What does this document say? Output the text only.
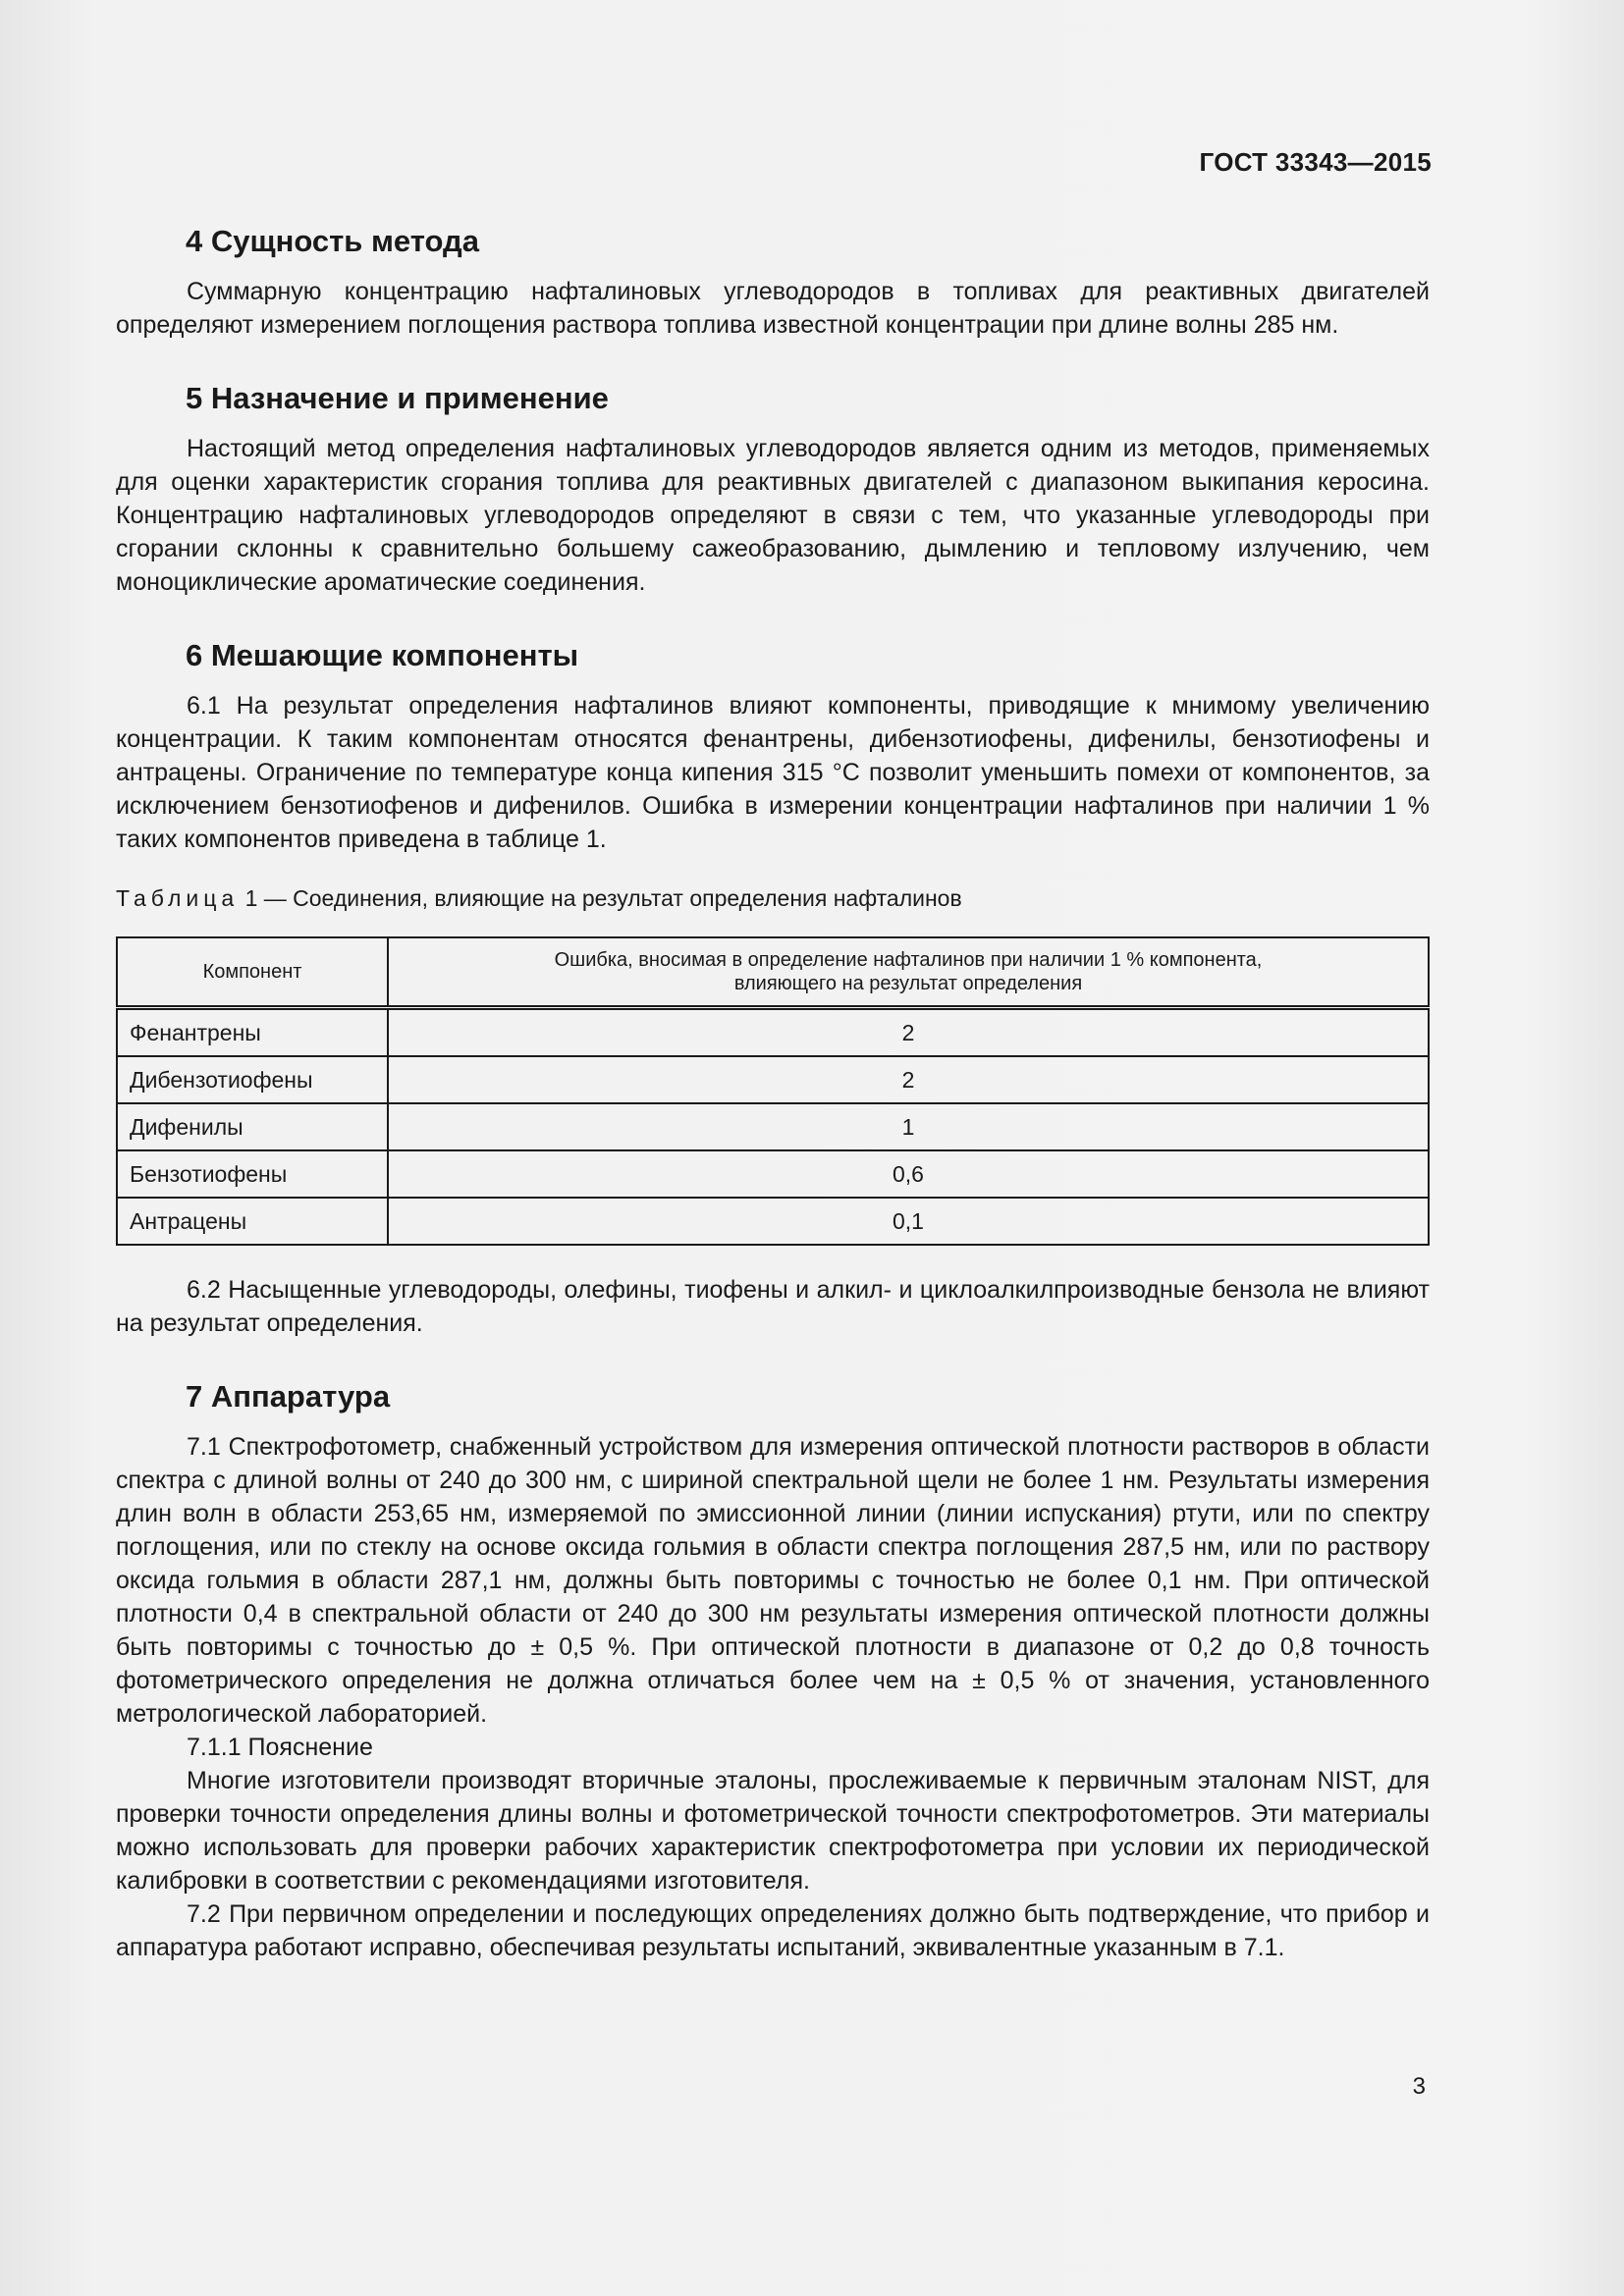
ГОСТ 33343—2015
4 Сущность метода

Суммарную концентрацию нафталиновых углеводородов в топливах для реактивных двигателей определяют измерением поглощения раствора топлива известной концентрации при длине волны 285 нм.

5 Назначение и применение

Настоящий метод определения нафталиновых углеводородов является одним из методов, применяемых для оценки характеристик сгорания топлива для реактивных двигателей с диапазоном выкипания керосина. Концентрацию нафталиновых углеводородов определяют в связи с тем, что указанные углеводороды при сгорании склонны к сравнительно большему сажеобразованию, дымлению и тепловому излучению, чем моноциклические ароматические соединения.

6 Мешающие компоненты

6.1 На результат определения нафталинов влияют компоненты, приводящие к мнимому увеличению концентрации. К таким компонентам относятся фенантрены, дибензотиофены, дифенилы, бензотиофены и антрацены. Ограничение по температуре конца кипения 315 °С позволит уменьшить помехи от компонентов, за исключением бензотиофенов и дифенилов. Ошибка в измерении концентрации нафталинов при наличии 1 % таких компонентов приведена в таблице 1.

Таблица 1 — Соединения, влияющие на результат определения нафталинов
Компонент	Ошибка, вносимая в определение нафталинов при наличии 1 % компонента,
влияющего на результат определения
Фенантрены	2
Дибензотиофены	2
Дифенилы	1
Бензотиофены	0,6
Антрацены	0,1

6.2 Насыщенные углеводороды, олефины, тиофены и алкил- и циклоалкилпроизводные бензола не влияют на результат определения.

7 Аппаратура

7.1 Спектрофотометр, снабженный устройством для измерения оптической плотности растворов в области спектра с длиной волны от 240 до 300 нм, с шириной спектральной щели не более 1 нм. Результаты измерения длин волн в области 253,65 нм, измеряемой по эмиссионной линии (линии испускания) ртути, или по спектру поглощения, или по стеклу на основе оксида гольмия в области спектра поглощения 287,5 нм, или по раствору оксида гольмия в области 287,1 нм, должны быть повторимы с точностью не более 0,1 нм. При оптической плотности 0,4 в спектральной области от 240 до 300 нм результаты измерения оптической плотности должны быть повторимы с точностью до ± 0,5 %. При оптической плотности в диапазоне от 0,2 до 0,8 точность фотометрического определения не должна отличаться более чем на ± 0,5 % от значения, установленного метрологической лабораторией.

7.1.1 Пояснение

Многие изготовители производят вторичные эталоны, прослеживаемые к первичным эталонам NIST, для проверки точности определения длины волны и фотометрической точности спектрофотометров. Эти материалы можно использовать для проверки рабочих характеристик спектрофотометра при условии их периодической калибровки в соответствии с рекомендациями изготовителя.

7.2 При первичном определении и последующих определениях должно быть подтверждение, что прибор и аппаратура работают исправно, обеспечивая результаты испытаний, эквивалентные указанным в 7.1.

3
